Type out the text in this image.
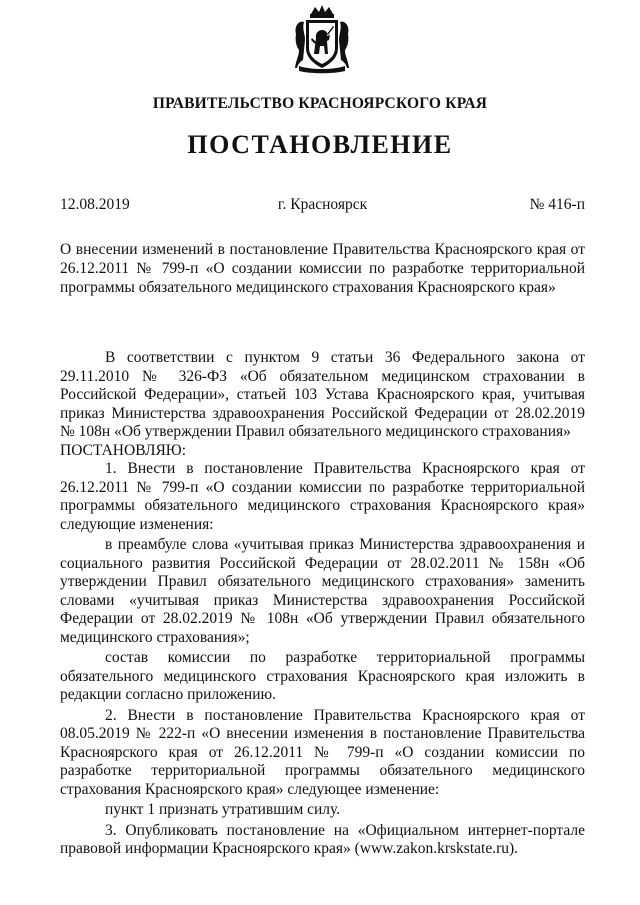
ПРАВИТЕЛЬСТВО КРАСНОЯРСКОГО КРАЯ
ПОСТАНОВЛЕНИЕ
г. Красноярск
12.08.2019	№ 416-п
О внесении изменений в постановление Правительства Красноярского края от 26.12.2011 № 799-п «О создании комиссии по разработке территориальной программы обязательного медицинского страхования Красноярского края»

В соответствии с пунктом 9 статьи 36 Федерального закона от 29.11.2010 № 326-ФЗ «Об обязательном медицинском страховании в Российской Федерации», статьей 103 Устава Красноярского края, учитывая приказ Министерства здравоохранения Российской Федерации от 28.02.2019 № 108н «Об утверждении Правил обязательного медицинского страхования»

ПОСТАНОВЛЯЮ:

1. Внести в постановление Правительства Красноярского края от 26.12.2011 № 799-п «О создании комиссии по разработке территориальной программы обязательного медицинского страхования Красноярского края» следующие изменения:

в преамбуле слова «учитывая приказ Министерства здравоохранения и социального развития Российской Федерации от 28.02.2011 № 158н «Об утверждении Правил обязательного медицинского страхования» заменить словами «учитывая приказ Министерства здравоохранения Российской Федерации от 28.02.2019 № 108н «Об утверждении Правил обязательного медицинского страхования»;

состав комиссии по разработке территориальной программы обязательного медицинского страхования Красноярского края изложить в редакции согласно приложению.

2. Внести в постановление Правительства Красноярского края от 08.05.2019 № 222-п «О внесении изменения в постановление Правительства Красноярского края от 26.12.2011 № 799-п «О создании комиссии по разработке территориальной программы обязательного медицинского страхования Красноярского края» следующее изменение:

пункт 1 признать утратившим силу.

3. Опубликовать постановление на «Официальном интернет-портале правовой информации Красноярского края» (www.zakon.krskstate.ru).
